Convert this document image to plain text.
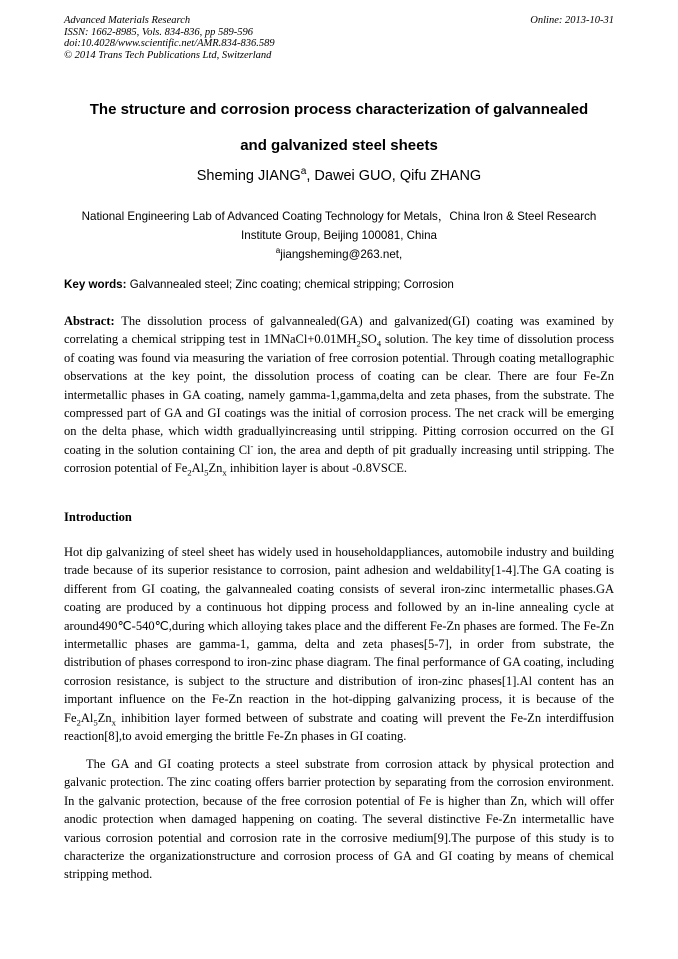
Advanced Materials Research
ISSN: 1662-8985, Vols. 834-836, pp 589-596
doi:10.4028/www.scientific.net/AMR.834-836.589
© 2014 Trans Tech Publications Ltd, Switzerland
Online: 2013-10-31
The structure and corrosion process characterization of galvannealed
and galvanized steel sheets
Sheming JIANG$^a$, Dawei GUO, Qifu ZHANG
National Engineering Lab of Advanced Coating Technology for Metals，China Iron & Steel Research
Institute Group, Beijing 100081, China
$^a$jiangsheming@263.net,
Key words: Galvannealed steel; Zinc coating; chemical stripping; Corrosion
Abstract: The dissolution process of galvannealed(GA) and galvanized(GI) coating was examined by correlating a chemical stripping test in $1MNaCl+0.01MH_2SO_4$ solution. The key time of dissolution process of coating was found via measuring the variation of free corrosion potential. Through coating metallographic observations at the key point, the dissolution process of coating can be clear. There are four Fe-Zn intermetallic phases in GA coating, namely gamma-1,gamma,delta and zeta phases, from the substrate. The compressed part of GA and GI coatings was the initial of corrosion process. The net crack will be emerging on the delta phase, which width graduallyincreasing until stripping. Pitting corrosion occurred on the GI coating in the solution containing Cl- ion, the area and depth of pit gradually increasing until stripping. The corrosion potential of $Fe_2Al_5Zn_x$ inhibition layer is about -0.8VSCE.
Introduction
Hot dip galvanizing of steel sheet has widely used in householdappliances, automobile industry and building trade because of its superior resistance to corrosion, paint adhesion and weldability[1-4].The GA coating is different from GI coating, the galvannealed coating consists of several iron-zinc intermetallic phases.GA coating are produced by a continuous hot dipping process and followed by an in-line annealing cycle at around490℃-540℃,during which alloying takes place and the different Fe-Zn phases are formed. The Fe-Zn intermetallic phases are gamma-1, gamma, delta and zeta phases[5-7], in order from substrate, the distribution of phases correspond to iron-zinc phase diagram. The final performance of GA coating, including corrosion resistance, is subject to the structure and distribution of iron-zinc phases[1].Al content has an important influence on the Fe-Zn reaction in the hot-dipping galvanizing process, it is because of the $Fe_2Al_5Zn_x$ inhibition layer formed between of substrate and coating will prevent the Fe-Zn interdiffusion reaction[8],to avoid emerging the brittle Fe-Zn phases in GI coating.
The GA and GI coating protects a steel substrate from corrosion attack by physical protection and galvanic protection. The zinc coating offers barrier protection by separating from the corrosion environment. In the galvanic protection, because of the free corrosion potential of Fe is higher than Zn, which will offer anodic protection when damaged happening on coating. The several distinctive Fe-Zn intermetallic have various corrosion potential and corrosion rate in the corrosive medium[9].The purpose of this study is to characterize the organizationstructure and corrosion process of GA and GI coating by means of chemical stripping method.
